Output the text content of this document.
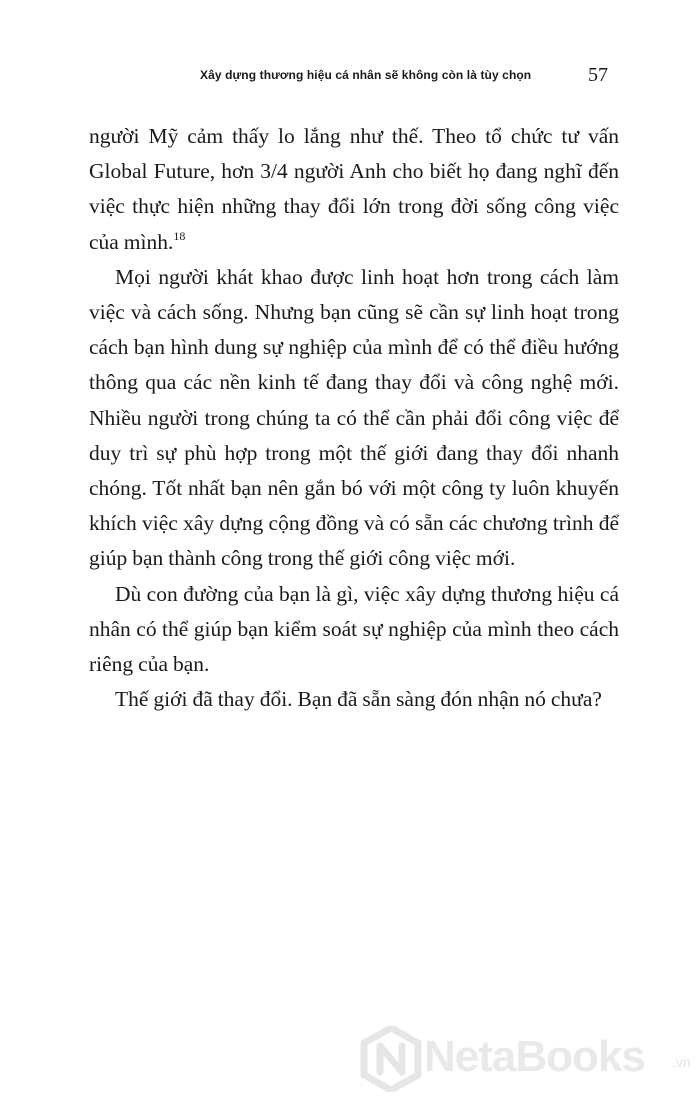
Xây dựng thương hiệu cá nhân sẽ không còn là tùy chọn	57

người Mỹ cảm thấy lo lắng như thế. Theo tổ chức tư vấn Global Future, hơn 3/4 người Anh cho biết họ đang nghĩ đến việc thực hiện những thay đổi lớn trong đời sống công việc của mình.$^{18}$

Mọi người khát khao được linh hoạt hơn trong cách làm việc và cách sống. Nhưng bạn cũng sẽ cần sự linh hoạt trong cách bạn hình dung sự nghiệp của mình để có thể điều hướng thông qua các nền kinh tế đang thay đổi và công nghệ mới. Nhiều người trong chúng ta có thể cần phải đổi công việc để duy trì sự phù hợp trong một thế giới đang thay đổi nhanh chóng. Tốt nhất bạn nên gắn bó với một công ty luôn khuyến khích việc xây dựng cộng đồng và có sẵn các chương trình để giúp bạn thành công trong thế giới công việc mới.

Dù con đường của bạn là gì, việc xây dựng thương hiệu cá nhân có thể giúp bạn kiểm soát sự nghiệp của mình theo cách riêng của bạn.

Thế giới đã thay đổi. Bạn đã sẵn sàng đón nhận nó chưa?

NetaBooks .vn
